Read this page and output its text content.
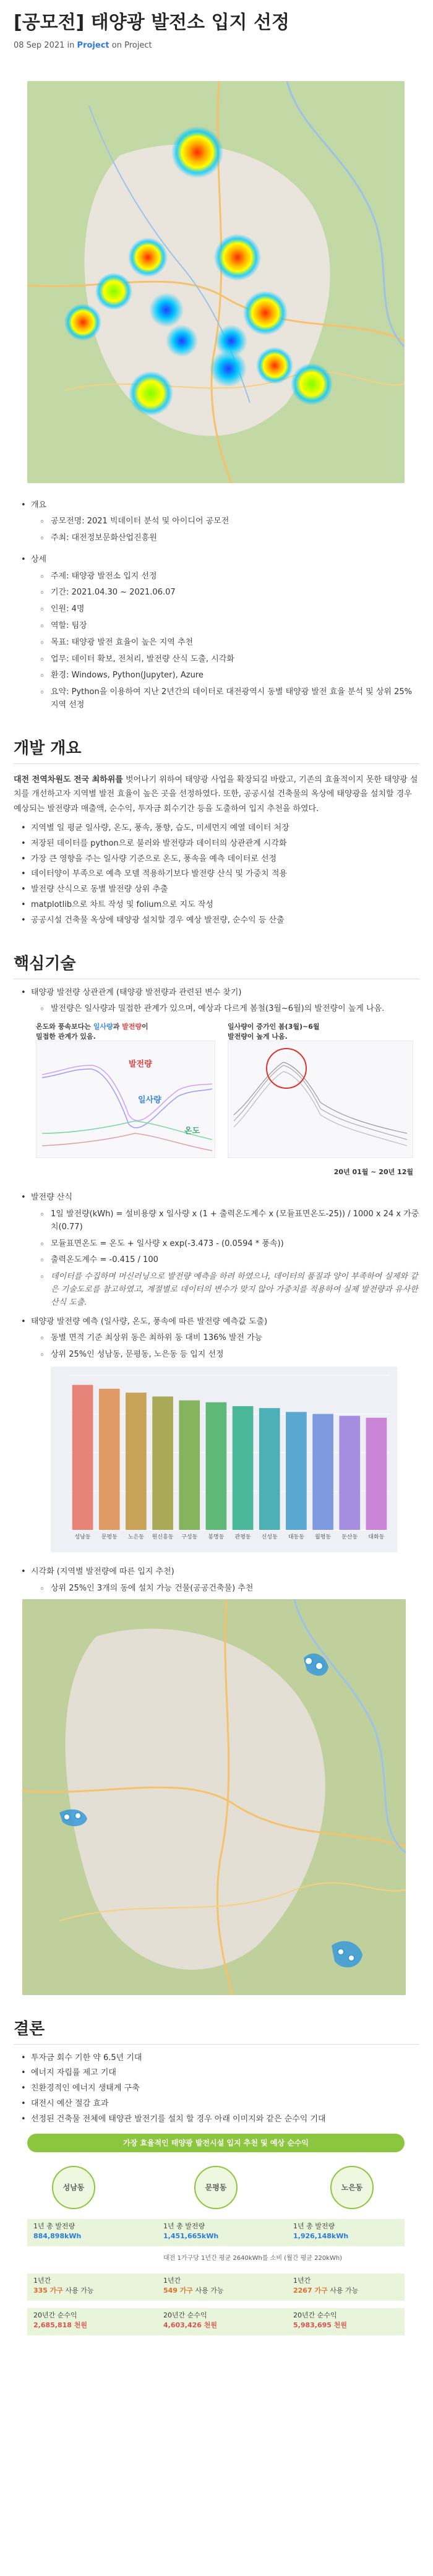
[공모전] 태양광 발전소 입지 선정
08 Sep 2021 in Project on Project
• 개요
◦ 공모전명: 2021 빅데이터 분석 및 아이디어 공모전
◦ 주최: 대전정보문화산업진흥원
• 상세
◦ 주제: 태양광 발전소 입지 선정
◦ 기간: 2021.04.30 ~ 2021.06.07
◦ 인원: 4명
◦ 역할: 팀장
◦ 목표: 태양광 발전 효율이 높은 지역 추천
◦ 업무: 데이터 확보, 전처리, 발전량 산식 도출, 시각화
◦ 환경: Windows, Python(Jupyter), Azure
◦ 요약: Python을 이용하여 지난 2년간의 데이터로 대전광역시 동별 태양광 발전 효율 분석 및 상위 25% 지역 선정
개발 개요

대전 전역차원도 전국 최하위를 벗어나기 위하여 태양광 사업을 확장되길 바랐고, 기존의 효율적이지 못한 태양광 설치를 개선하고자 지역별 발전 효율이 높은 곳을 선정하였다. 또한, 공공시설 건축물의 옥상에 태양광을 설치할 경우 예상되는 발전량과 매출액, 순수익, 투자금 회수기간 등을 도출하여 입지 추천을 하였다.

• 지역별 일 평균 일사량, 온도, 풍속, 풍향, 습도, 미세먼지 예열 데이터 처장
• 저장된 데이터를 python으로 불러와 발전량과 데이터의 상관관계 시각화
• 가장 큰 영향을 주는 일사량 기준으로 온도, 풍속을 예측 데이터로 선정
• 데이터양이 부족으로 예측 모델 적용하기보다 발전량 산식 및 가중치 적용
• 발전량 산식으로 동별 발전량 상위 추출
• matplotlib으로 차트 작성 및 folium으로 지도 작성
• 공공시설 건축물 옥상에 태양광 설치할 경우 예상 발전량, 순수익 등 산출
핵심기술
• 태양광 발전량 상관관계 (태양광 발전량과 관련된 변수 찾기)
◦ 발전량은 일사량과 밀접한 관계가 있으며, 예상과 다르게 봄철(3월~6월)의 발전량이 높게 나옴.
온도와 풍속보다는 일사량과 발전량이
밀접한 관계가 있음.
발전량
일사량
온도
일사량이 증가인 봄(3월)~6월
발전량이 높게 나옴.
20년 01월 ~ 20년 12월
• 발전량 산식
◦ 1일 발전량(kWh) = 설비용량 x 일사량 x (1 + 출력온도계수 x (모듈표면온도-25)) / 1000 x 24 x 가중치(0.77)
◦ 모듈표면온도 = 온도 + 일사량 x exp(-3.473 - (0.0594 * 풍속))
◦ 출력온도계수 = -0.415 / 100
◦ 데이터를 수집하며 머신러닝으로 발전량 예측을 하려 하였으나, 데이터의 품질과 양이 부족하여 실제와 같은 기술도로를 참고하였고, 계절별로 데이터의 변수가 맞지 않아 가중치를 적용하여 실제 발전량과 유사한 산식 도출.
• 태양광 발전량 예측 (일사량, 온도, 풍속에 따른 발전량 예측값 도출)
◦ 동별 면적 기준 최상위 동은 최하위 동 대비 136% 발전 가능
◦ 상위 25%인 성남동, 문평동, 노은동 등 입지 선정
성남동 문평동 노은동 원신흥동 구성동 봉명동 관평동 신성동 대동동 월평동 둔산동 대화동
• 시각화 (지역별 발전량에 따른 입지 추천)
◦ 상위 25%인 3개의 동에 설치 가능 건물(공공건축물) 추천
결론
• 투자금 회수 기한 약 6.5년 기대
• 에너지 자립률 제고 기대
• 친환경적인 에너지 생태계 구축
• 대전시 예산 절감 효과
• 선정된 건축물 전체에 태양관 발전기를 설치 할 경우 아래 이미지와 같은 순수익 기대
가장 효율적인 태양광 발전시설 입지 추천 및 예상 순수익
성남동	문평동	노은동
1년 총 발전량
884,898kWh
1년 총 발전량
1,451,665kWh
1년 총 발전량
1,926,148kWh
대전 1가구당 1년간 평균 2640kWh를 소비 (월간 평균 220kWh)
1년간
335 가구 사용 가능
1년간
549 가구 사용 가능
1년간
2267 가구 사용 가능
20년간 순수익
2,685,818 천원
20년간 순수익
4,603,426 천원
20년간 순수익
5,983,695 천원
